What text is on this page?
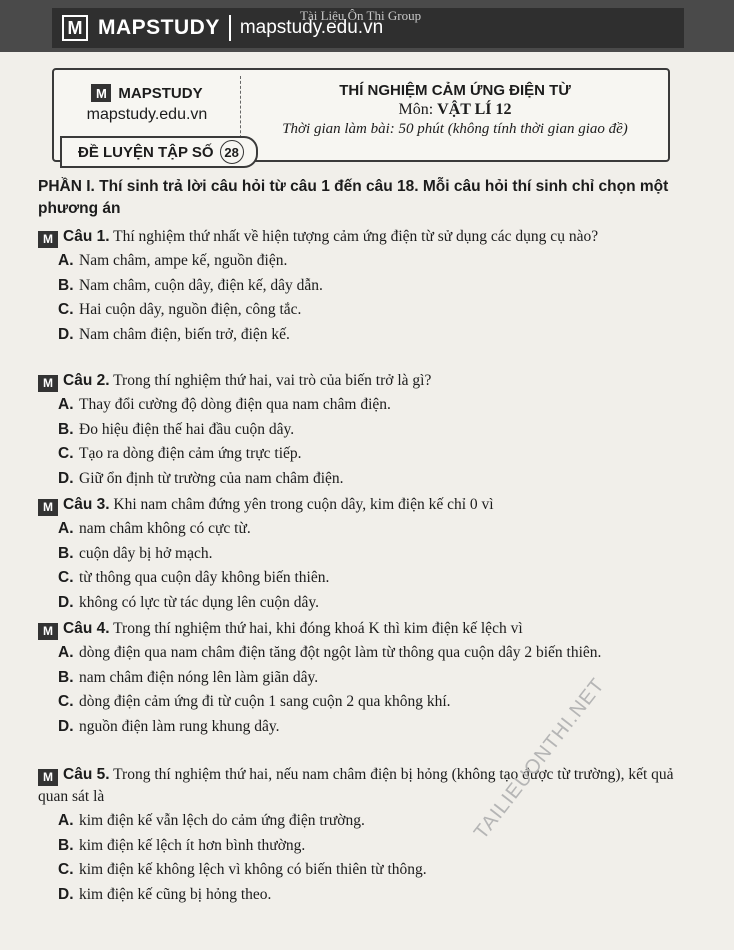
M MAPSTUDY mapstudy.edu.vn
Tài Liệu Ôn Thi Group
M MAPSTUDY
mapstudy.edu.vn
THÍ NGHIỆM CẢM ỨNG ĐIỆN TỪ
Môn: VẬT LÍ 12
Thời gian làm bài: 50 phút (không tính thời gian giao đề)
ĐỀ LUYỆN TẬP SỐ 28
PHẦN I. Thí sinh trả lời câu hỏi từ câu 1 đến câu 18. Mỗi câu hỏi thí sinh chỉ chọn một phương án
M Câu 1. Thí nghiệm thứ nhất về hiện tượng cảm ứng điện từ sử dụng các dụng cụ nào?
A. Nam châm, ampe kế, nguồn điện.
B. Nam châm, cuộn dây, điện kế, dây dẫn.
C. Hai cuộn dây, nguồn điện, công tắc.
D. Nam châm điện, biến trở, điện kế.
M Câu 2. Trong thí nghiệm thứ hai, vai trò của biến trở là gì?
A. Thay đổi cường độ dòng điện qua nam châm điện.
B. Đo hiệu điện thế hai đầu cuộn dây.
C. Tạo ra dòng điện cảm ứng trực tiếp.
D. Giữ ổn định từ trường của nam châm điện.
M Câu 3. Khi nam châm đứng yên trong cuộn dây, kim điện kế chỉ 0 vì
A. nam châm không có cực từ.
B. cuộn dây bị hở mạch.
C. từ thông qua cuộn dây không biến thiên.
D. không có lực từ tác dụng lên cuộn dây.
M Câu 4. Trong thí nghiệm thứ hai, khi đóng khoá K thì kim điện kế lệch vì
A. dòng điện qua nam châm điện tăng đột ngột làm từ thông qua cuộn dây 2 biến thiên.
B. nam châm điện nóng lên làm giãn dây.
C. dòng điện cảm ứng đi từ cuộn 1 sang cuộn 2 qua không khí.
D. nguồn điện làm rung khung dây.
M Câu 5. Trong thí nghiệm thứ hai, nếu nam châm điện bị hỏng (không tạo được từ trường), kết quả quan sát là
A. kim điện kế vẫn lệch do cảm ứng điện trường.
B. kim điện kế lệch ít hơn bình thường.
C. kim điện kế không lệch vì không có biến thiên từ thông.
D. kim điện kế cũng bị hỏng theo.
TAILIEUONTHI.NET
